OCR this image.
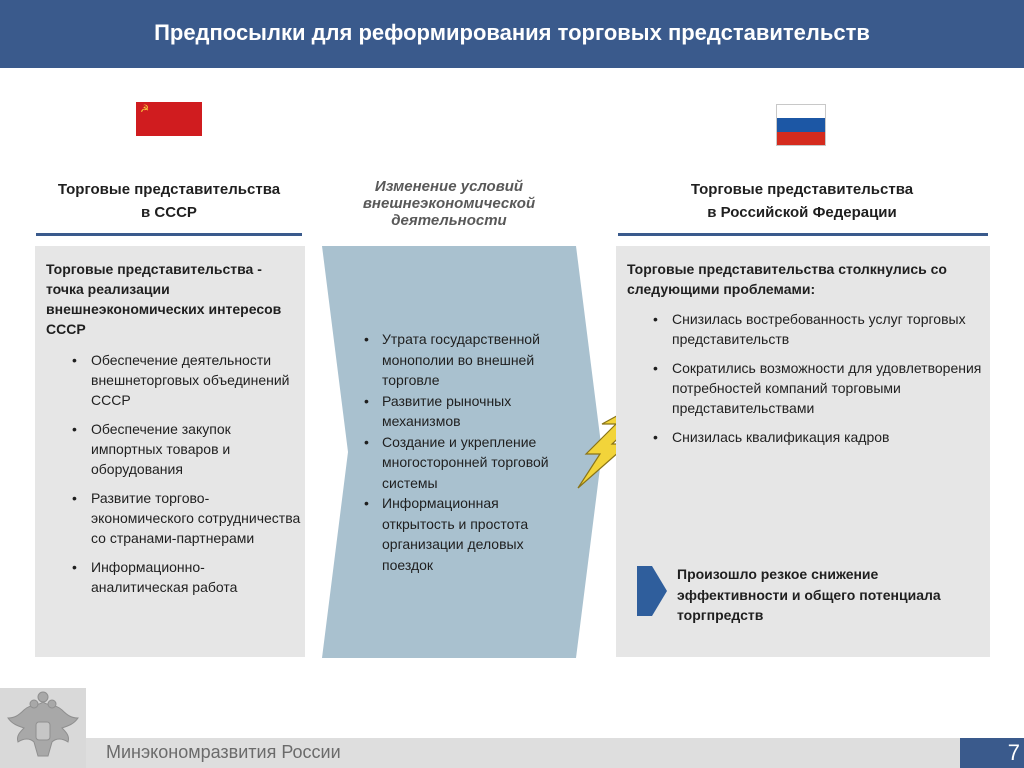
Предпосылки для реформирования торговых представительств
☭
Торговые представительства
в СССР
Изменение условий внешнеэкономической деятельности
Торговые представительства
в Российской Федерации
Торговые представительства - точка реализации внешнеэкономических интересов СССР
• Обеспечение деятельности внешнеторговых объединений СССР
• Обеспечение закупок импортных товаров и оборудования
• Развитие торгово-экономического сотрудничества со странами-партнерами
• Информационно-аналитическая работа
• Утрата государственной монополии во внешней торговле
• Развитие рыночных механизмов
• Создание и укрепление многосторонней торговой системы
• Информационная открытость и простота организации деловых поездок
Торговые представительства столкнулись со следующими проблемами:
• Снизилась востребованность услуг торговых представительств
• Сократились возможности для удовлетворения потребностей компаний торговыми представительствами
• Снизилась квалификация кадров
Произошло резкое снижение эффективности и общего потенциала торгпредств
Минэкономразвития России	7
